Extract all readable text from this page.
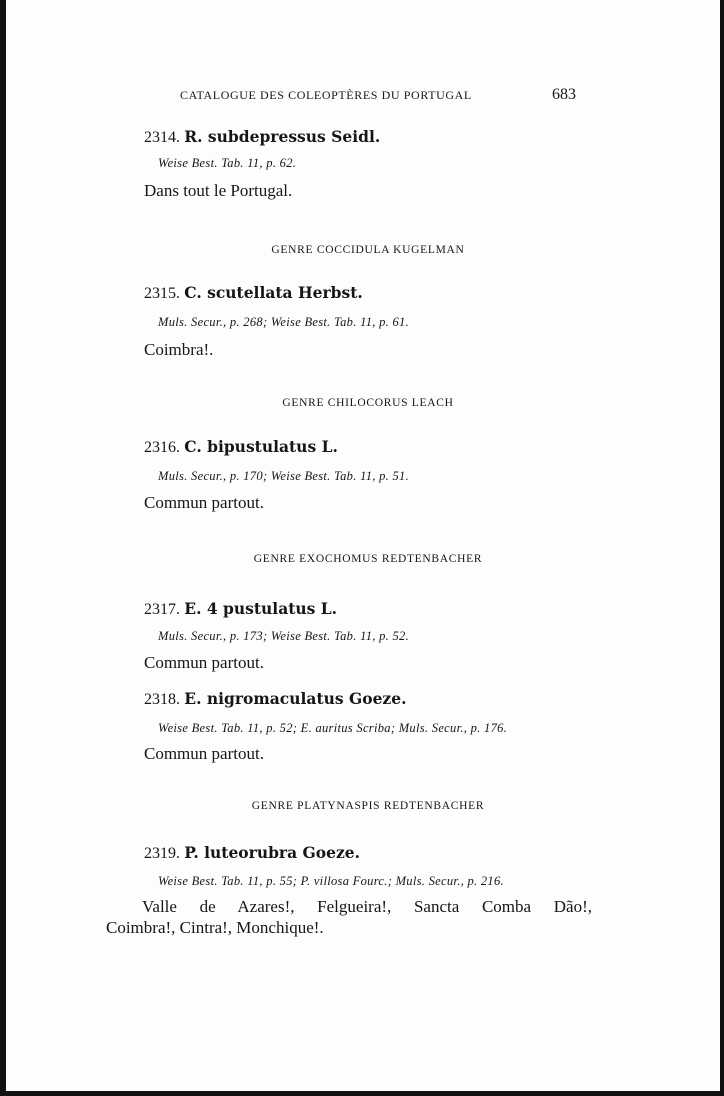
CATALOGUE DES COLEOPTÈRES DU PORTUGAL	683
2314. R. subdepressus Seidl.
Weise Best. Tab. 11, p. 62.
Dans tout le Portugal.
GENRE COCCIDULA KUGELMAN
2315. C. scutellata Herbst.
Muls. Secur., p. 268; Weise Best. Tab. 11, p. 61.
Coimbra!.
GENRE CHILOCORUS LEACH
2316. C. bipustulatus L.
Muls. Secur., p. 170; Weise Best. Tab. 11, p. 51.
Commun partout.
GENRE EXOCHOMUS REDTENBACHER
2317. E. 4 pustulatus L.
Muls. Secur., p. 173; Weise Best. Tab. 11, p. 52.
Commun partout.
2318. E. nigromaculatus Goeze.
Weise Best. Tab. 11, p. 52; E. auritus Scriba; Muls. Secur., p. 176.
Commun partout.
GENRE PLATYNASPIS REDTENBACHER
2319. P. luteorubra Goeze.
Weise Best. Tab. 11, p. 55; P. villosa Fourc.; Muls. Secur., p. 216.
Valle de Azares!, Felgueira!, Sancta Comba Dão!,
Coimbra!, Cintra!, Monchique!.
